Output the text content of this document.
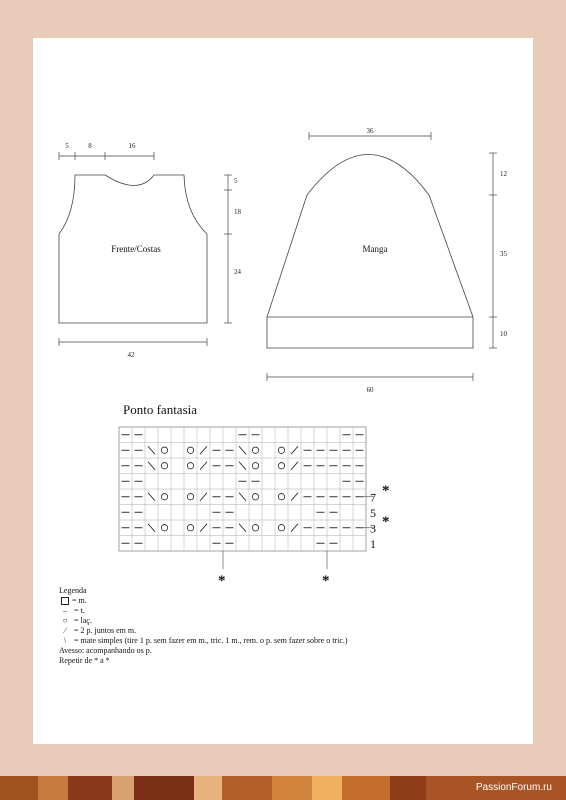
5	8	16
5
18
24
42
Frente/Costas
36
12
35
10
60
Manga
7
5
3
1
*
*
*	*
Ponto fantasia
Legenda
= m.
– = t.
○ = laç.
⁄	= 2 p. juntos em m.
\ = mate simples (tire 1 p. sem fazer em m., tric. 1 m., rem. o p. sem fazer sobre o tric.)
Avesso: acompanhando os p.
Repetir de * a *
PassionForum.ru
